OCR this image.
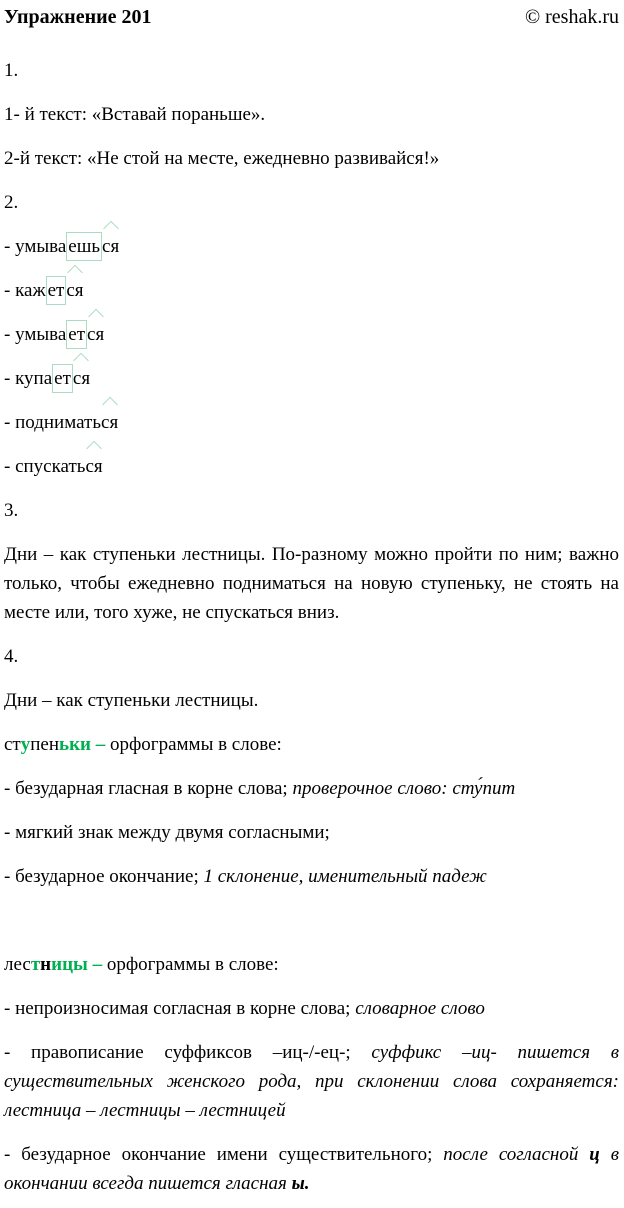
Упражнение 201	© reshak.ru

1.

1- й текст: «Вставай пораньше».

2-й текст: «Не стой на месте, ежедневно развивайся!»

2.

- умыва ешь ся

- каж ет ся

- умыва ет ся

- купа ет ся

- подниматься

- спускаться

3.

Дни – как ступеньки лестницы. По-разному можно пройти по ним; важно только, чтобы ежедневно подниматься на новую ступеньку, не стоять на месте или, того хуже, не спускаться вниз.

4.

Дни – как ступеньки лестницы.

ступеньки – орфограммы в слове:

- безударная гласная в корне слова; проверочное слово: сту́пит

- мягкий знак между двумя согласными;

- безударное окончание; 1 склонение, именительный падеж

лестницы – орфограммы в слове:

- непроизносимая согласная в корне слова; словарное слово

- правописание суффиксов –иц-/-ец-; суффикс –иц- пишется в существительных женского рода, при склонении слова сохраняется: лестница – лестницы – лестницей

- безударное окончание имени существительного; после согласной ц в окончании всегда пишется гласная ы.
